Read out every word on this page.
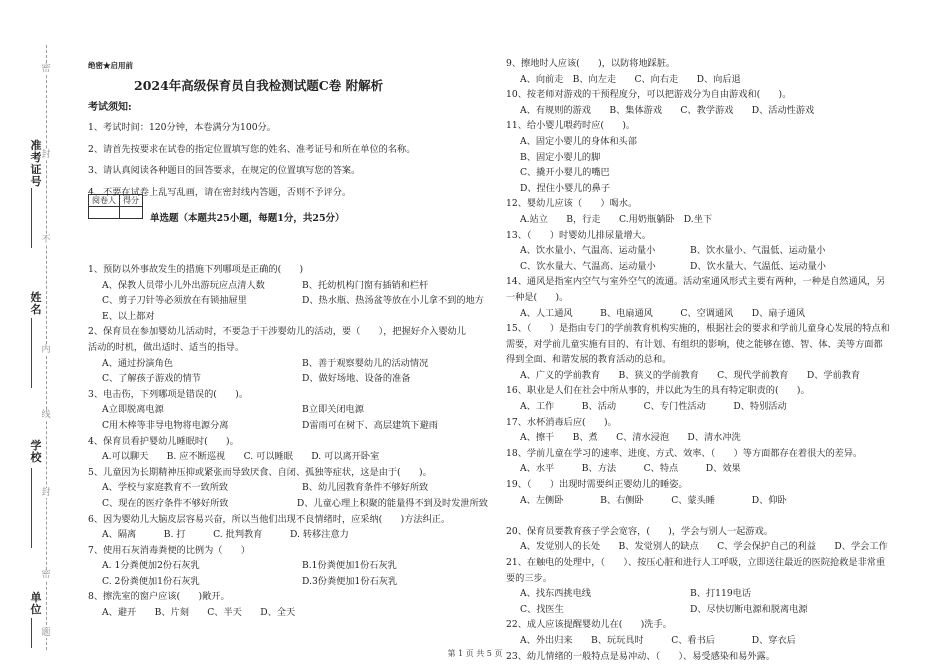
准
考
证
号
姓
名
学
校
单
位
密
封
不
内
线
封
密
题
绝密★启用前
2024年高级保育员自我检测试题C卷 附解析
考试须知:

1、考试时间：120分钟，本卷满分为100分。

2、请首先按要求在试卷的指定位置填写您的姓名、准考证号和所在单位的名称。

3、请认真阅读各种题目的回答要求，在规定的位置填写您的答案。

4、不要在试卷上乱写乱画，请在密封线内答题，否则不予评分。

阅卷人	得分

单选题（本题共25小题，每题1分，共25分）
1、预防以外事故发生的措施下列哪项是正确的(　　)
A、保教人员带小儿外出游玩应点清人数	B、托幼机构门窗有插销和栏杆
C、剪子刀针等必须放在有锁抽屉里	D、热水瓶、热汤盆等放在小儿拿不到的地方
E、以上都对
2、保育员在参加婴幼儿活动时，不要急于干涉婴幼儿的活动，要（　　），把握好介入婴幼儿
活动的时机，做出适时、适当的指导。
A、通过扮演角色	B、善于观察婴幼儿的活动情况
C、了解孩子游戏的情节	D、做好场地、设备的准备
3、电击伤，下列哪项是错误的(　　)。
A立即脱离电源	B立即关闭电源
C用木棒等非导电物将电源分离	D雷雨可在树下、高层建筑下避雨
4、保育员看护婴幼儿睡眠时(　　)。
A.可以聊天　　B. 应不断巡视　　C. 可以睡眠　　D. 可以离开卧室
5、儿童因为长期精神压抑或紧张而导致厌食、自闭、孤独等症状，这是由于(　　)。
A、学校与家庭教育不一致所致	B、幼儿园教育条件不够好所致
C、现在的医疗条件不够好所致	D、儿童心理上积聚的能量得不到及时发泄所致
6、因为婴幼儿大脑皮层容易兴奋，所以当他们出现不良情绪时，应采纳(　　)方法纠正。
A、隔离　　　B. 打　　　C. 批判教育　　　D. 转移注意力
7、使用石灰消毒粪便的比例为（　　）
A. 1分粪便加2份石灰乳	B.1份粪便加1份石灰乳
C. 2份粪便加1份石灰乳	D.3份粪便加1份石灰乳
8、擦洗室的窗户应该(　　)敞开。
A、避开　　B、片刻　　C、半天　　D、全天
9、擦地时人应该(　　)，以防将地踩脏。
A、向前走　B、向左走　　C、向右走　　D、向后退
10、按老师对游戏的干预程度分，可以把游戏分为自由游戏和(　　)。
A、有规则的游戏　　B、集体游戏　　C、教学游戏　　D、活动性游戏
11、给小婴儿喂药时应(　　)。
A、固定小婴儿的身体和头部
B、固定小婴儿的脚
C、撬开小婴儿的嘴巴
D、捏住小婴儿的鼻子
12、婴幼儿应该（　　）喝水。
A.站立　　B，行走　　C.用奶瓶躺卧　D.坐下
13、（　　）时婴幼儿排尿量增大。
A、饮水量小、气温高、运动量小	B、饮水量小、气温低、运动量小
C、饮水量大、气温高、运动量小	D、饮水量大、气温低、运动量小
14、通风是指室内空气与室外空气的流通。活动室通风形式主要有两种，一种是自然通风，另
一种是(　　)。
A、人工通风　　　B、电扇通风　　　C、空调通风　　D、扇子通风
15、（　　）是指由专门的学前教育机构实施的，根据社会的要求和学前儿童身心发展的特点和
需要，对学前儿童实施有目的、有计划、有组织的影响，使之能够在德、智、体、美等方面都
得到全面、和谐发展的教育活动的总和。
A、广义的学前教育　　B、狭义的学前教育　　C、现代学前教育　　D、学前教育
16、职业是人们在社会中所从事的，并以此为生的具有特定职责的(　　)。
A、工作　　　B、活动　　　C、专门性活动　　　D、特别活动
17、水杯消毒后应(　　)。
A、擦干　　B、煮　　C、清水浸泡　　D、清水冲洗
18、学前儿童在学习的速率、进度、方式、效率、（　　）等方面都存在着很大的差异。
A、水平　　　B、方法　　　C、特点　　　D、效果
19、（　　）出现时需要纠正婴幼儿的睡姿。
A、左侧卧　　　　B、右侧卧　　　C、蒙头睡　　　　D、仰卧

20、保育员要教育孩子学会宽容，(　　)，学会与别人一起游戏。
A、发觉别人的长处　　B、发觉别人的缺点　　C、学会保护自己的利益　　D、学会工作
21、在触电的处理中，（　　）、按压心脏和进行人工呼吸，立即送往最近的医院抢救是非常重
要的三步。
A、找东西挑电线	B、打119电话
C、找医生	D、尽快切断电源和脱离电源
22、成人应该提醒婴幼儿在(　　)洗手。
A、外出归来　　B、玩玩具时　　　C、看书后　　　　D、穿衣后
23、幼儿情绪的一般特点是易冲动、（　　）、易受感染和易外露。
第 1 页 共 5 页
